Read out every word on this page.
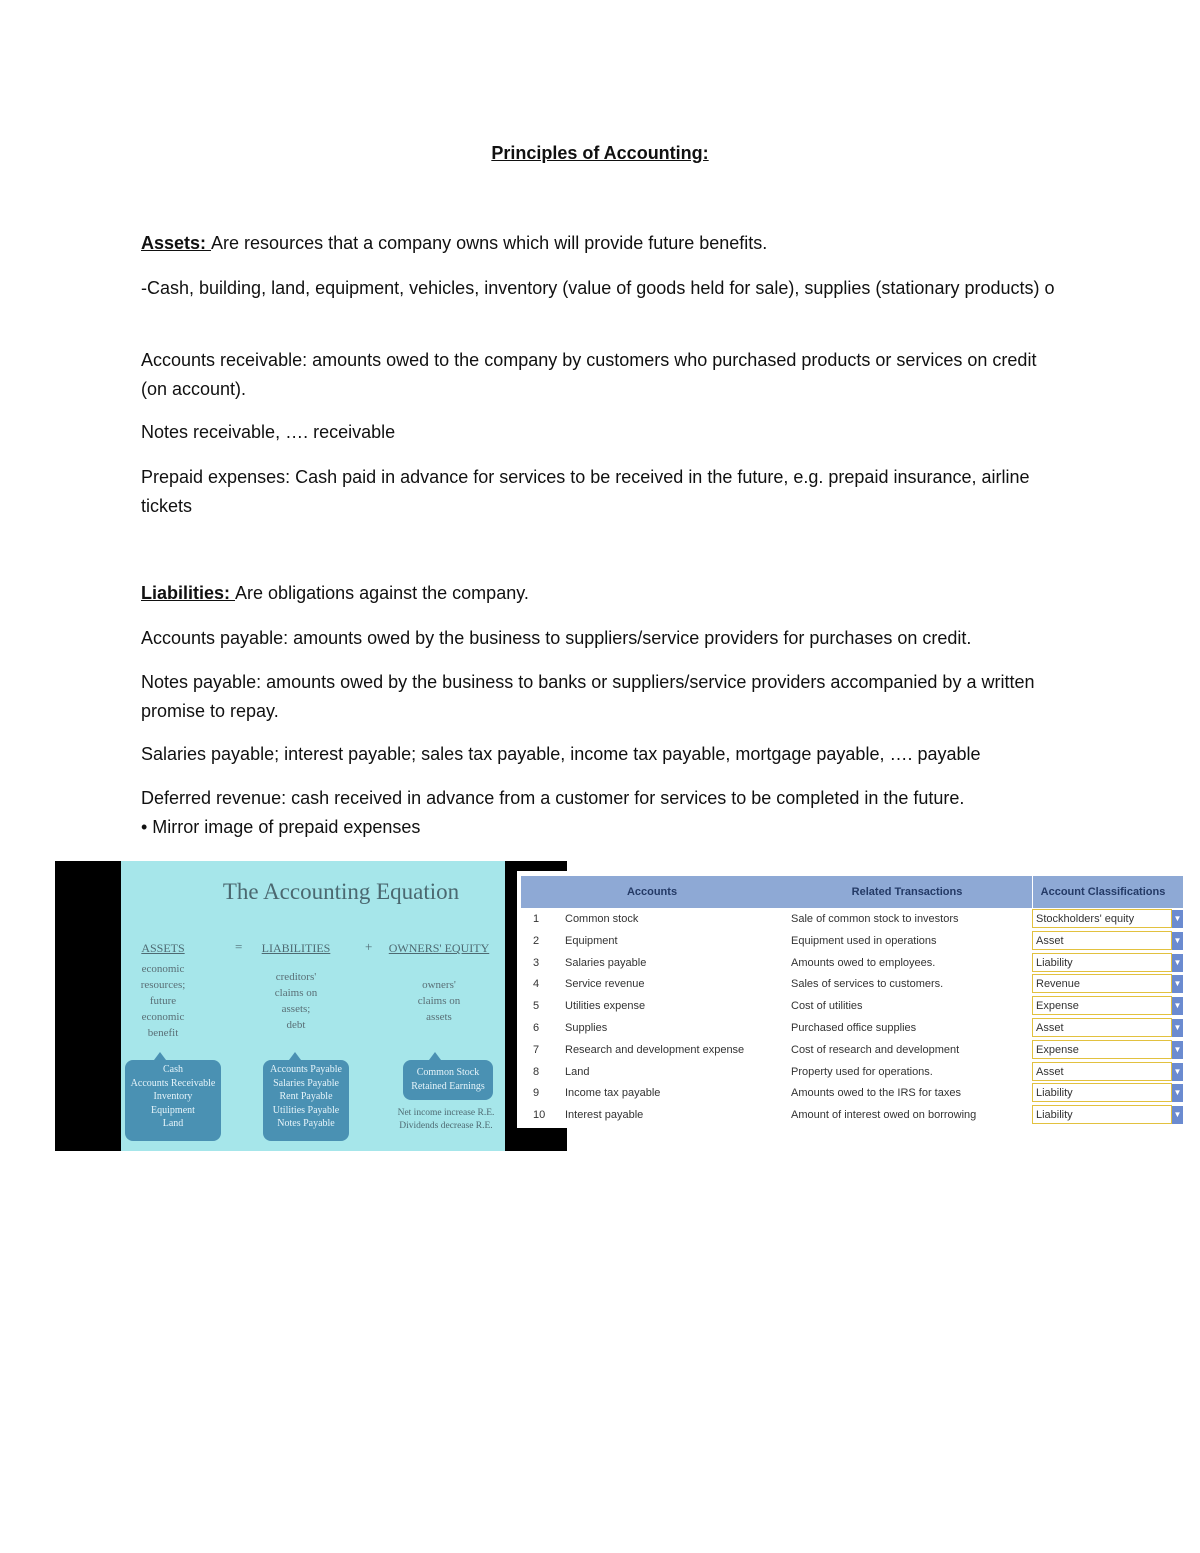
Principles of Accounting:
Assets: Are resources that a company owns which will provide future benefits.
-Cash, building, land, equipment, vehicles, inventory (value of goods held for sale), supplies (stationary products) o
Accounts receivable: amounts owed to the company by customers who purchased products or services on credit (on account).
Notes receivable, …. receivable
Prepaid expenses: Cash paid in advance for services to be received in the future, e.g. prepaid insurance, airline tickets
Liabilities: Are obligations against the company.
Accounts payable: amounts owed by the business to suppliers/service providers for purchases on credit.
Notes payable: amounts owed by the business to banks or suppliers/service providers accompanied by a written promise to repay.
Salaries payable; interest payable; sales tax payable, income tax payable, mortgage payable, …. payable
Deferred revenue: cash received in advance from a customer for services to be completed in the future.
• Mirror image of prepaid expenses
The Accounting Equation
ASSETS	=	LIABILITIES	+	OWNERS' EQUITY
economic
resources;
future
economic
benefit
creditors'
claims on
assets;
debt
owners'
claims on
assets
Cash
Accounts Receivable
Inventory
Equipment
Land
Accounts Payable
Salaries Payable
Rent Payable
Utilities Payable
Notes Payable
Common Stock
Retained Earnings
Net income increase R.E.
Dividends decrease R.E.
Accounts	Related Transactions	Account Classifications
1	Common stock	Sale of common stock to investors	Stockholders' equity	▼
2	Equipment	Equipment used in operations	Asset	▼
3	Salaries payable	Amounts owed to employees.	Liability	▼
4	Service revenue	Sales of services to customers.	Revenue	▼
5	Utilities expense	Cost of utilities	Expense	▼
6	Supplies	Purchased office supplies	Asset	▼
7	Research and development expense	Cost of research and development	Expense	▼
8	Land	Property used for operations.	Asset	▼
9	Income tax payable	Amounts owed to the IRS for taxes	Liability	▼
10	Interest payable	Amount of interest owed on borrowing	Liability	▼
